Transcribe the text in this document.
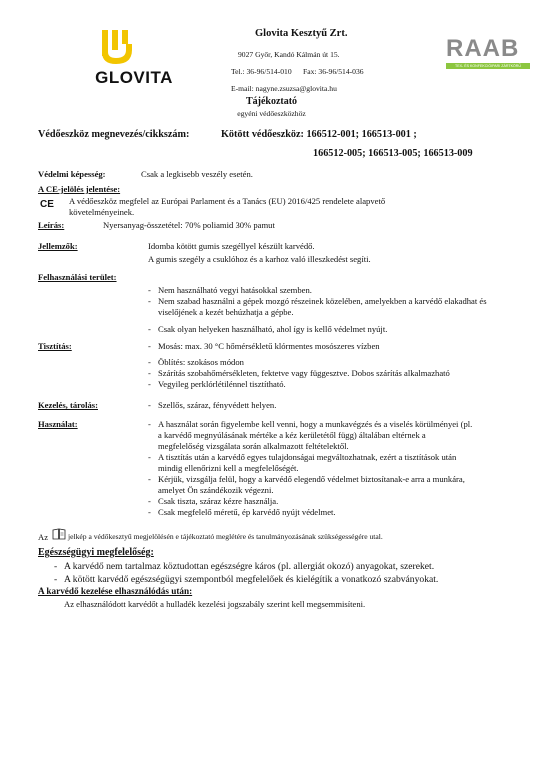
GLOVITA
Glovita Kesztyű Zrt.
9027 Győr, Kandó Kálmán út 15.
Tel.: 36-96/514-010      Fax: 36-96/514-036
E-mail: nagyne.zsuzsa@glovita.hu
RAAB
TEX- ÉS KONFEKCIÓIPARI ZÁRTKÖRŰ
Tájékoztató
egyéni védőeszközhöz
Védőeszköz megnevezés/cikkszám:	Kötött védőeszköz: 166512-001; 166513-001 ;
166512-005; 166513-005; 166513-009
Védelmi képesség:	Csak a legkisebb veszély esetén.
A CE-jelölés jelentése:
CE A védőeszköz megfelel az Európai Parlament és a Tanács (EU) 2016/425 rendelete alapvető
követelményeinek.
Leírás:	Nyersanyag-összetétel: 70% poliamid 30% pamut
Jellemzők:	Idomba kötött gumis szegéllyel készült karvédő.
A gumis szegély a csuklóhoz és a karhoz való illeszkedést segíti.
Felhasználási terület:
- Nem használható vegyi hatásokkal szemben.
- Nem szabad használni a gépek mozgó részeinek közelében, amelyekben a karvédő elakadhat és viselőjének a kezét behúzhatja a gépbe.
- Csak olyan helyeken használható, ahol így is kellő védelmet nyújt.
Tisztítás:	- Mosás: max. 30 °C hőmérsékletű klórmentes mosószeres vízben
- Öblítés: szokásos módon
- Szárítás szobahőmérsékleten, fektetve vagy függesztve. Dobos szárítás alkalmazható
- Vegyileg perklórlétilénnel tisztítható.
Kezelés, tárolás:	- Szellős, száraz, fényvédett helyen.
Használat:	- A használat során figyelembe kell venni, hogy a munkavégzés és a viselés körülményei (pl. a karvédő megnyúlásának mértéke a kéz kerületétől függ) általában eltérnek a megfelelőség vizsgálata során alkalmazott feltételektől.
- A tisztítás után a karvédő egyes tulajdonságai megváltozhatnak, ezért a tisztítások után mindig ellenőrizni kell a megfelelőségét.
- Kérjük, vizsgálja felül, hogy a karvédő elegendő védelmet biztosítanak-e arra a munkára, amelyet Ön szándékozik végezni.
- Csak tiszta, száraz kézre használja.
- Csak megfelelő méretű, ép karvédő nyújt védelmet.
Az	jelkép a védőkesztyű megjelölésén e tájékoztató meglétére és tanulmányozásának szükségességére utal.
Egészségügyi megfelelőség:
- A karvédő nem tartalmaz köztudottan egészségre káros (pl. allergiát okozó) anyagokat, szereket.
- A kötött karvédő egészségügyi szempontból megfelelőek és kielégítik a vonatkozó szabványokat.
A karvédő kezelése elhasználódás után:
Az elhasználódott karvédőt a hulladék kezelési jogszabály szerint kell megsemmisíteni.
